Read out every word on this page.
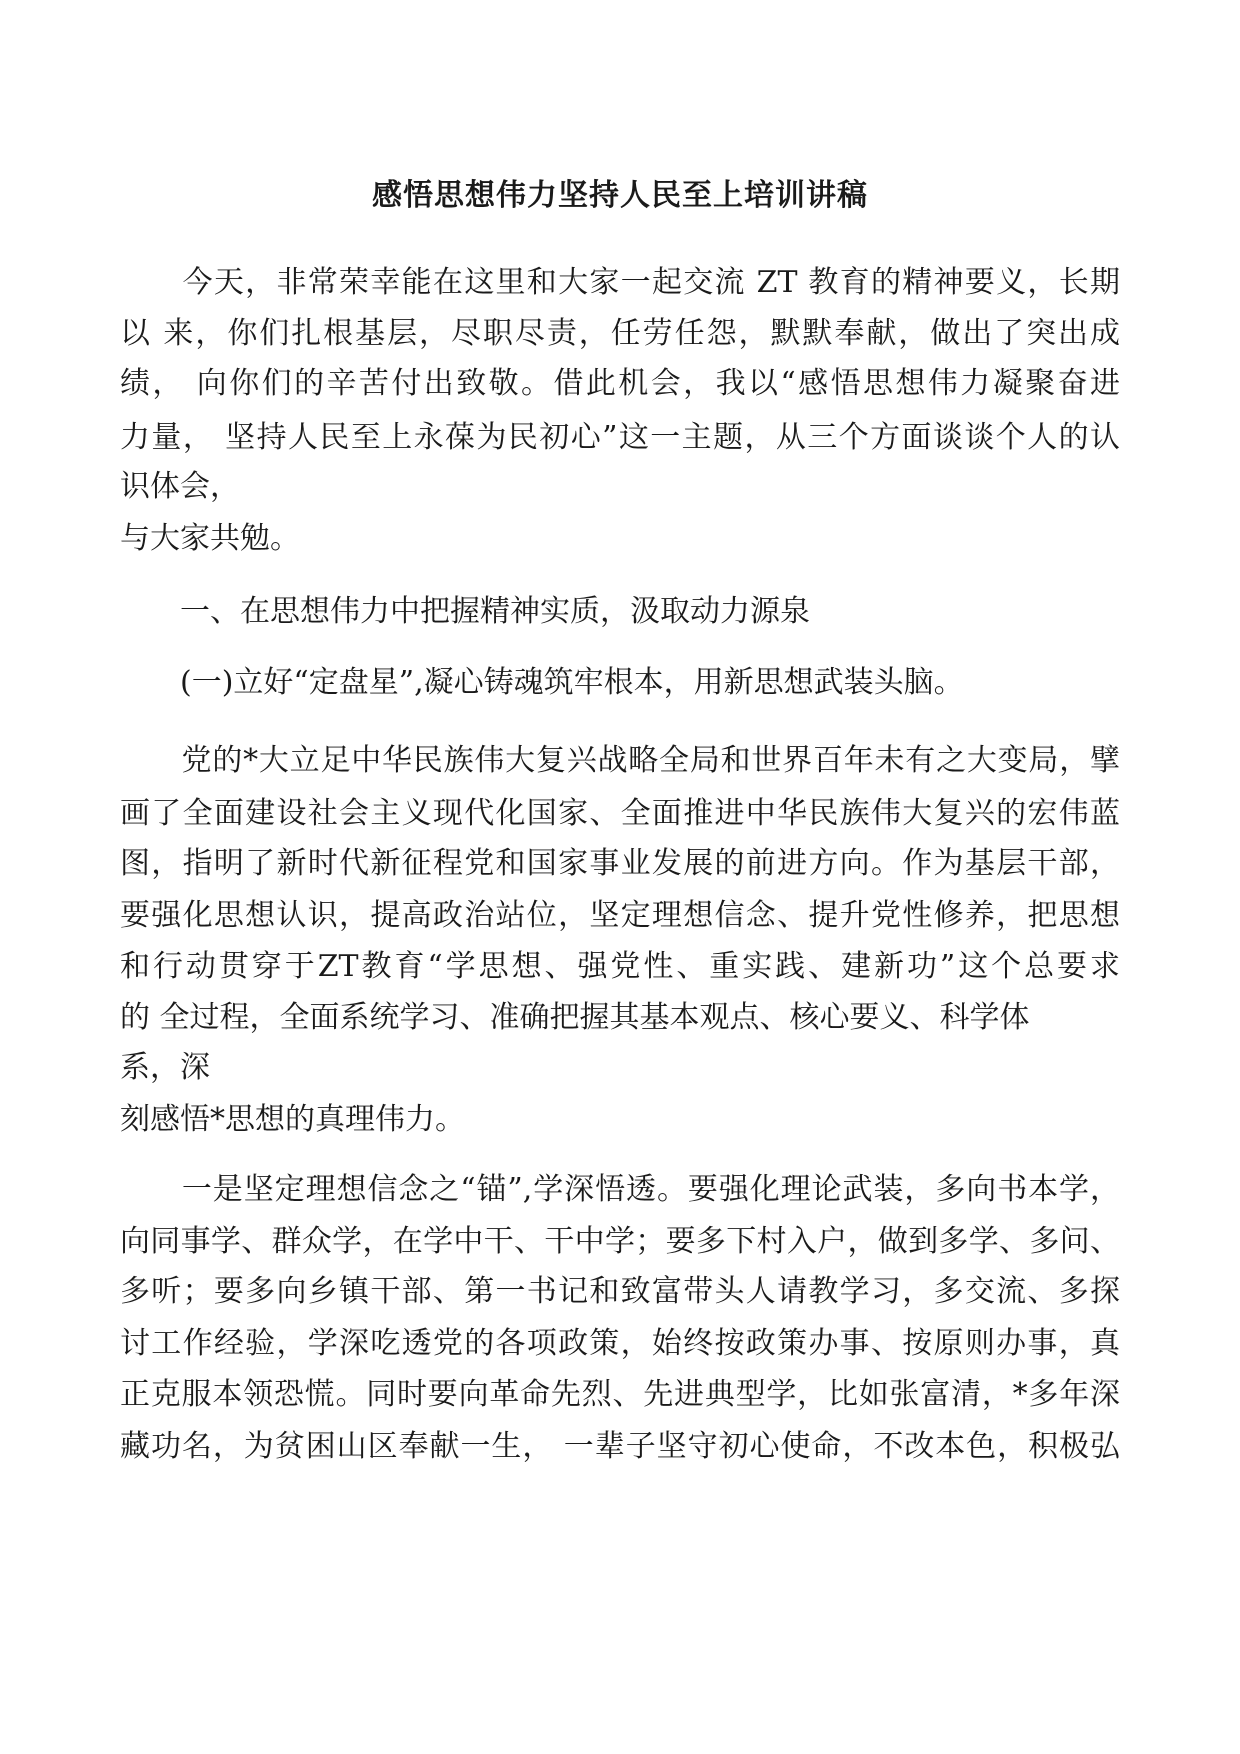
感悟思想伟力坚持人民至上培训讲稿
　　今天，非常荣幸能在这里和大家一起交流 ZT 教育的精神要义，长期
以 来，你们扎根基层，尽职尽责，任劳任怨，默默奉献，做出了突出成
绩， 向你们的辛苦付出致敬。借此机会，我以“感悟思想伟力凝聚奋进
力量， 坚持人民至上永葆为民初心”这一主题，从三个方面谈谈个人的认
识体会，
与大家共勉。
　　一、在思想伟力中把握精神实质，汲取动力源泉
　　(一)立好“定盘星”,凝心铸魂筑牢根本，用新思想武装头脑。
　　党的*大立足中华民族伟大复兴战略全局和世界百年未有之大变局，擘
画了全面建设社会主义现代化国家、全面推进中华民族伟大复兴的宏伟蓝
图，指明了新时代新征程党和国家事业发展的前进方向。作为基层干部，
要强化思想认识，提高政治站位，坚定理想信念、提升党性修养，把思想
和行动贯穿于ZT教育“学思想、强党性、重实践、建新功”这个总要求
的 全过程，全面系统学习、准确把握其基本观点、核心要义、科学体
系，深
刻感悟*思想的真理伟力。
　　一是坚定理想信念之“锚”,学深悟透。要强化理论武装，多向书本学，
向同事学、群众学，在学中干、干中学；要多下村入户，做到多学、多问、
多听；要多向乡镇干部、第一书记和致富带头人请教学习，多交流、多探
讨工作经验，学深吃透党的各项政策，始终按政策办事、按原则办事，真
正克服本领恐慌。同时要向革命先烈、先进典型学，比如张富清，*多年深
藏功名，为贫困山区奉献一生， 一辈子坚守初心使命，不改本色，积极弘
